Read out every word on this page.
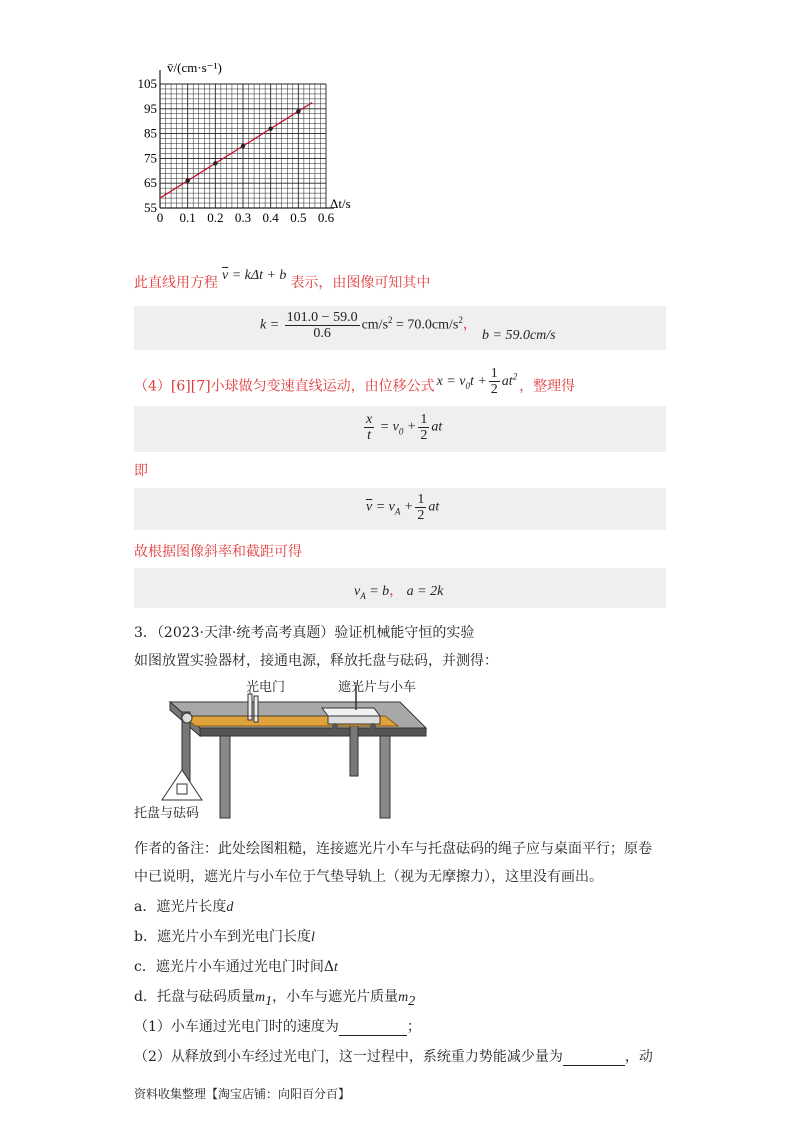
0 0.1 0.2 0.3 0.4 0.5 0.6
55
65
75
85
95
105
v̄/(cm·s⁻¹)
Δt/s
此直线用方程 $\overline{v} = k\Delta t + b$ 表示，由图像可知其中
$k = \frac{101.0 - 59.0}{0.6} cm/s^2 = 70.0cm/s^2$，
b = 59.0cm/s
（4）[6][7]小球做匀变速直线运动，由位移公式 $x = v_0t + \frac{1}{2} at^2$，整理得
$\frac{x}{t} = v_0 + \frac{1}{2}$ at
即
$\overline{v} = v_A + \frac{1}{2}$ at
故根据图像斜率和截距可得
$v_A = b$， a = 2k
3．（2023·天津·统考高考真题）验证机械能守恒的实验
如图放置实验器材，接通电源，释放托盘与砝码，并测得：
光电门	遮光片与小车
托盘与砝码
作者的备注：此处绘图粗糙，连接遮光片小车与托盘砝码的绳子应与桌面平行；原卷
中已说明，遮光片与小车位于气垫导轨上（视为无摩擦力），这里没有画出。
a．遮光片长度d
b．遮光片小车到光电门长度l
c．遮光片小车通过光电门时间Δt
d．托盘与砝码质量$m_1$，小车与遮光片质量$m_2$
（1）小车通过光电门时的速度为	；
（2）从释放到小车经过光电门，这一过程中，系统重力势能减少量为	，动
资料收集整理【淘宝店铺：向阳百分百】
